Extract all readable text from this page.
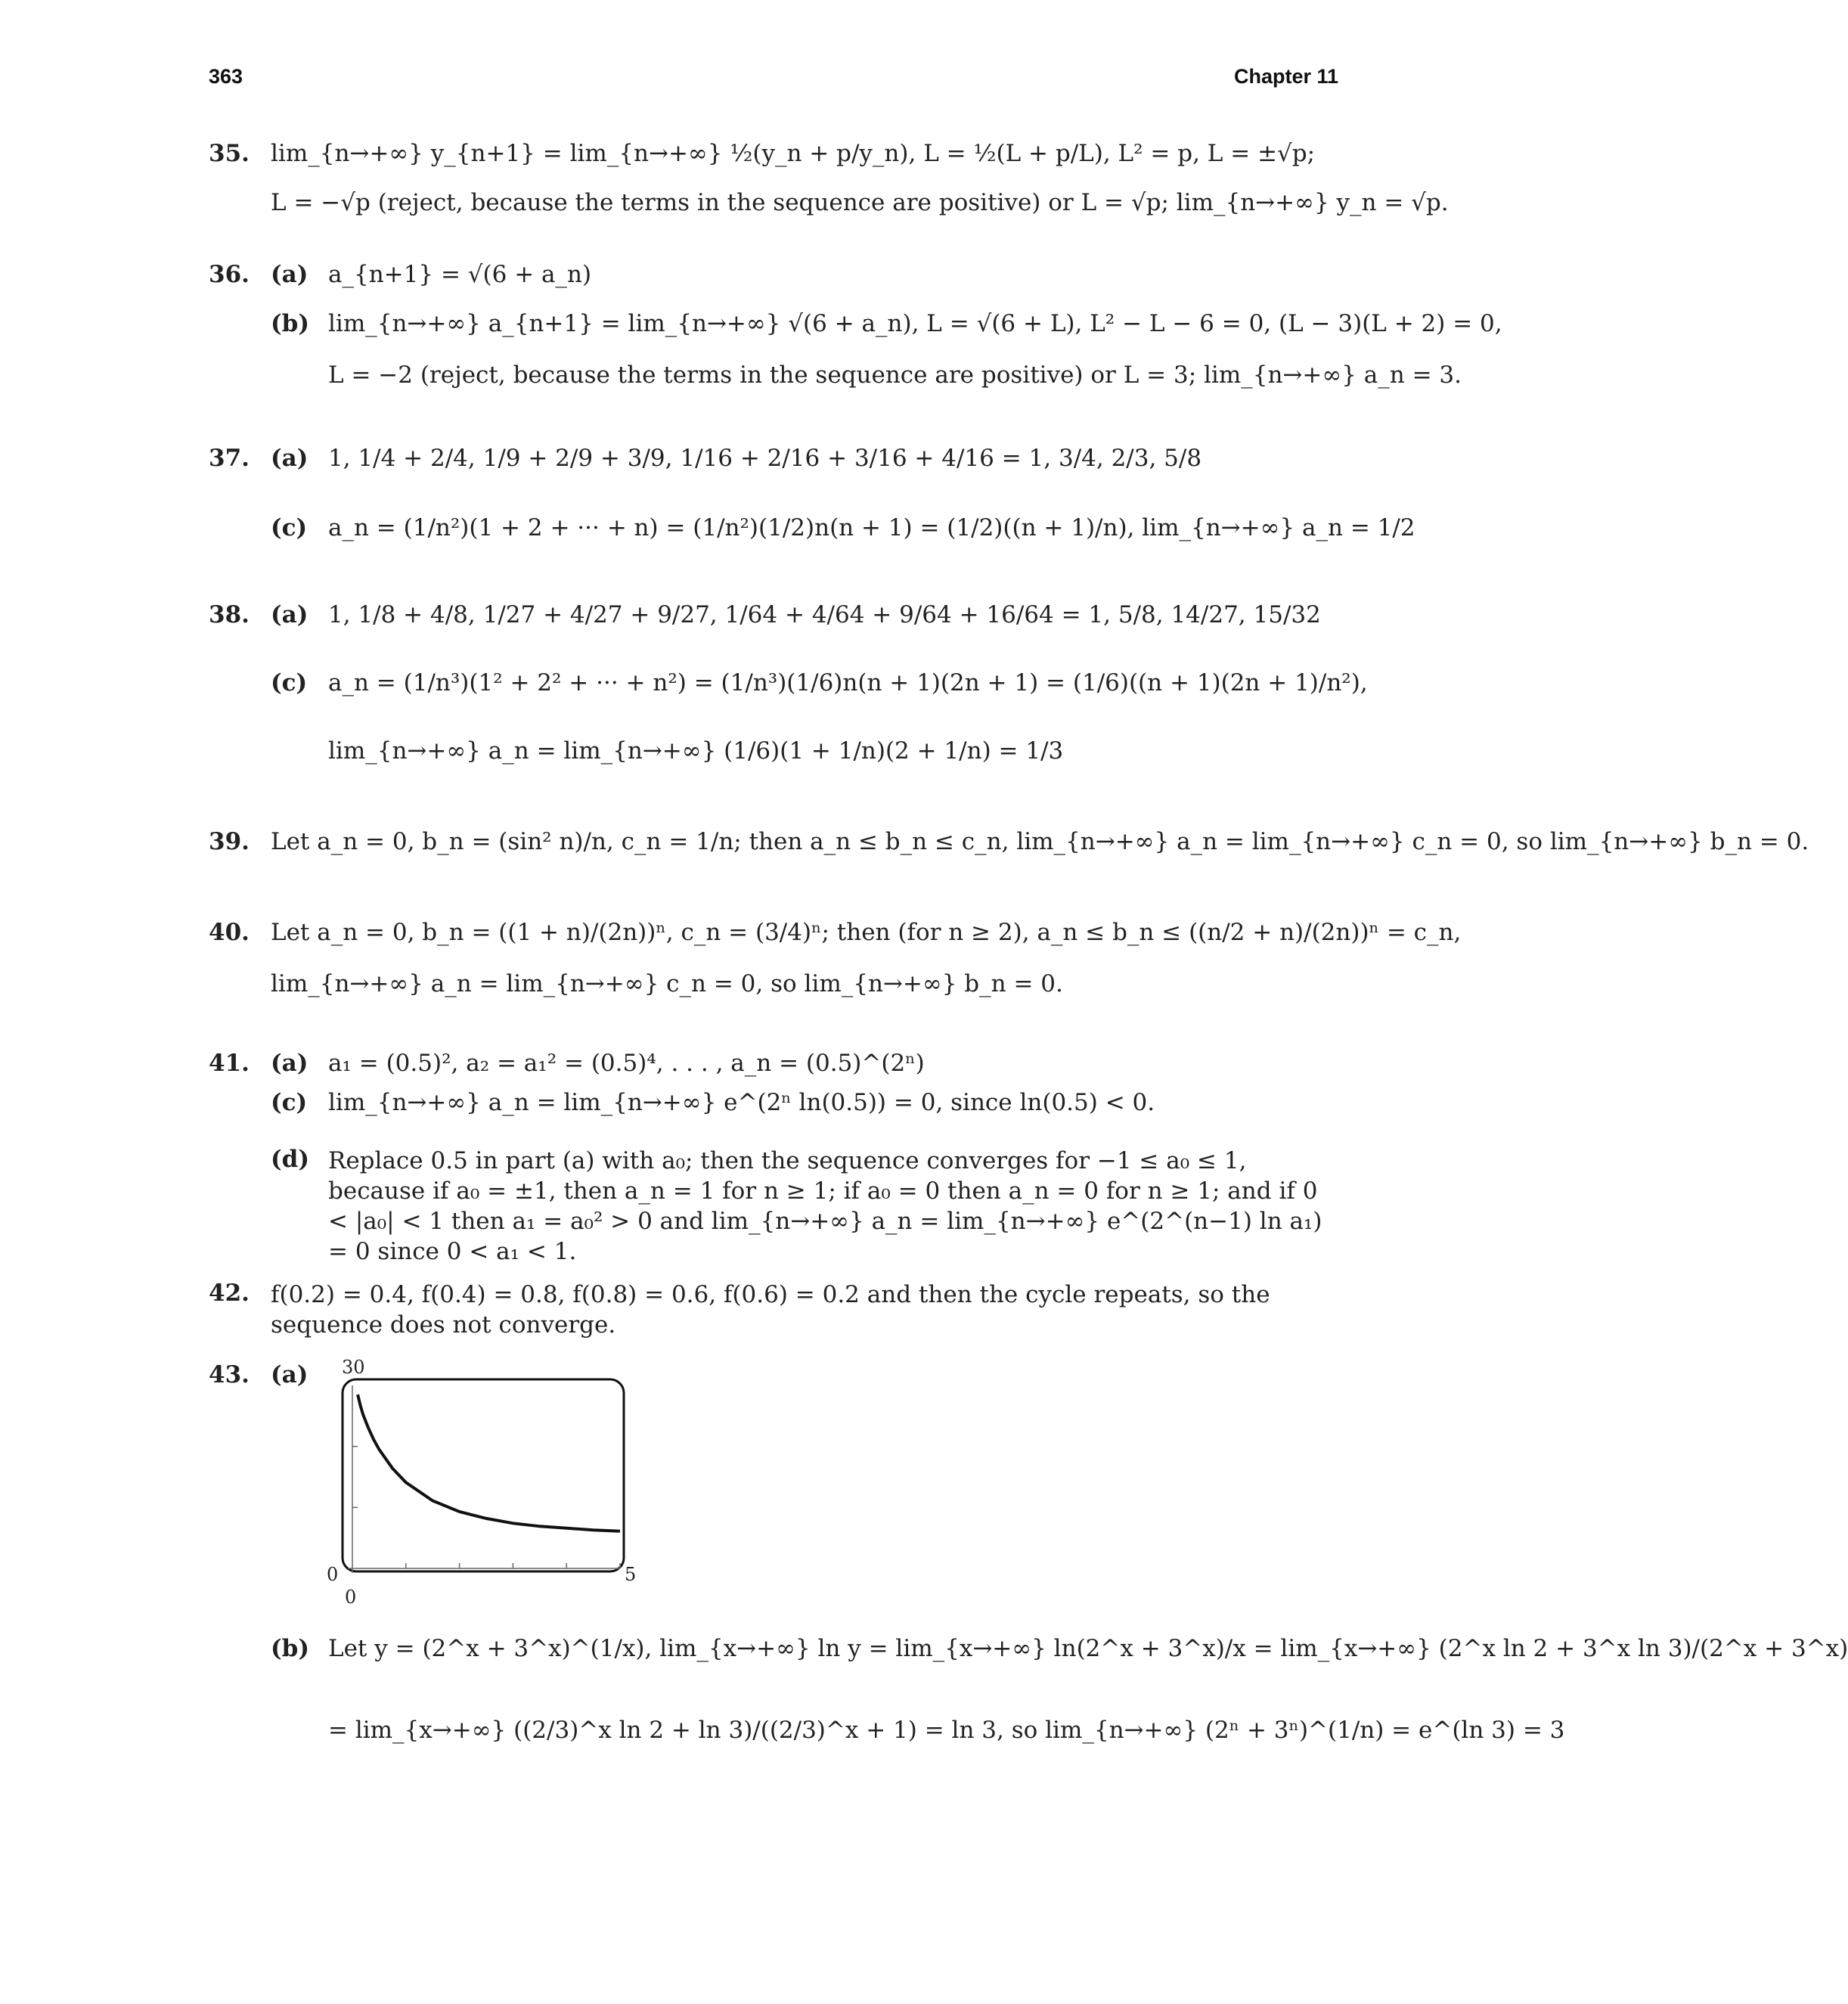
363	Chapter 11
35. lim_{n→+∞} y_{n+1} = lim_{n→+∞} ½(y_n + p/y_n), L = ½(L + p/L), L² = p, L = ±√p;
L = −√p (reject, because the terms in the sequence are positive) or L = √p; lim_{n→+∞} y_n = √p.
36. (a) a_{n+1} = √(6 + a_n)
(b) lim_{n→+∞} a_{n+1} = lim_{n→+∞} √(6 + a_n), L = √(6 + L), L² − L − 6 = 0, (L − 3)(L + 2) = 0,
L = −2 (reject, because the terms in the sequence are positive) or L = 3; lim_{n→+∞} a_n = 3.
37. (a) 1, 1/4 + 2/4, 1/9 + 2/9 + 3/9, 1/16 + 2/16 + 3/16 + 4/16 = 1, 3/4, 2/3, 5/8
(c) a_n = (1/n²)(1 + 2 + ··· + n) = (1/n²)(1/2)n(n + 1) = (1/2)((n + 1)/n), lim_{n→+∞} a_n = 1/2
38. (a) 1, 1/8 + 4/8, 1/27 + 4/27 + 9/27, 1/64 + 4/64 + 9/64 + 16/64 = 1, 5/8, 14/27, 15/32
(c) a_n = (1/n³)(1² + 2² + ··· + n²) = (1/n³)(1/6)n(n + 1)(2n + 1) = (1/6)((n + 1)(2n + 1)/n²),
lim_{n→+∞} a_n = lim_{n→+∞} (1/6)(1 + 1/n)(2 + 1/n) = 1/3
39. Let a_n = 0, b_n = (sin² n)/n, c_n = 1/n; then a_n ≤ b_n ≤ c_n, lim_{n→+∞} a_n = lim_{n→+∞} c_n = 0, so lim_{n→+∞} b_n = 0.
40. Let a_n = 0, b_n = ((1 + n)/(2n))ⁿ, c_n = (3/4)ⁿ; then (for n ≥ 2), a_n ≤ b_n ≤ ((n/2 + n)/(2n))ⁿ = c_n,
lim_{n→+∞} a_n = lim_{n→+∞} c_n = 0, so lim_{n→+∞} b_n = 0.
41. (a) a₁ = (0.5)², a₂ = a₁² = (0.5)⁴, . . . , a_n = (0.5)^(2ⁿ)
(c) lim_{n→+∞} a_n = lim_{n→+∞} e^(2ⁿ ln(0.5)) = 0, since ln(0.5) < 0.
(d) Replace 0.5 in part (a) with a₀; then the sequence converges for −1 ≤ a₀ ≤ 1, because if a₀ = ±1, then a_n = 1 for n ≥ 1; if a₀ = 0 then a_n = 0 for n ≥ 1; and if 0 < |a₀| < 1 then a₁ = a₀² > 0 and lim_{n→+∞} a_n = lim_{n→+∞} e^(2^(n−1) ln a₁) = 0 since 0 < a₁ < 1.
42. f(0.2) = 0.4, f(0.4) = 0.8, f(0.8) = 0.6, f(0.6) = 0.2 and then the cycle repeats, so the sequence does not converge.
43. (a) 30
0
0
5
(b) Let y = (2^x + 3^x)^(1/x), lim_{x→+∞} ln y = lim_{x→+∞} ln(2^x + 3^x)/x = lim_{x→+∞} (2^x ln 2 + 3^x ln 3)/(2^x + 3^x)
= lim_{x→+∞} ((2/3)^x ln 2 + ln 3)/((2/3)^x + 1) = ln 3, so lim_{n→+∞} (2ⁿ + 3ⁿ)^(1/n) = e^(ln 3) = 3
